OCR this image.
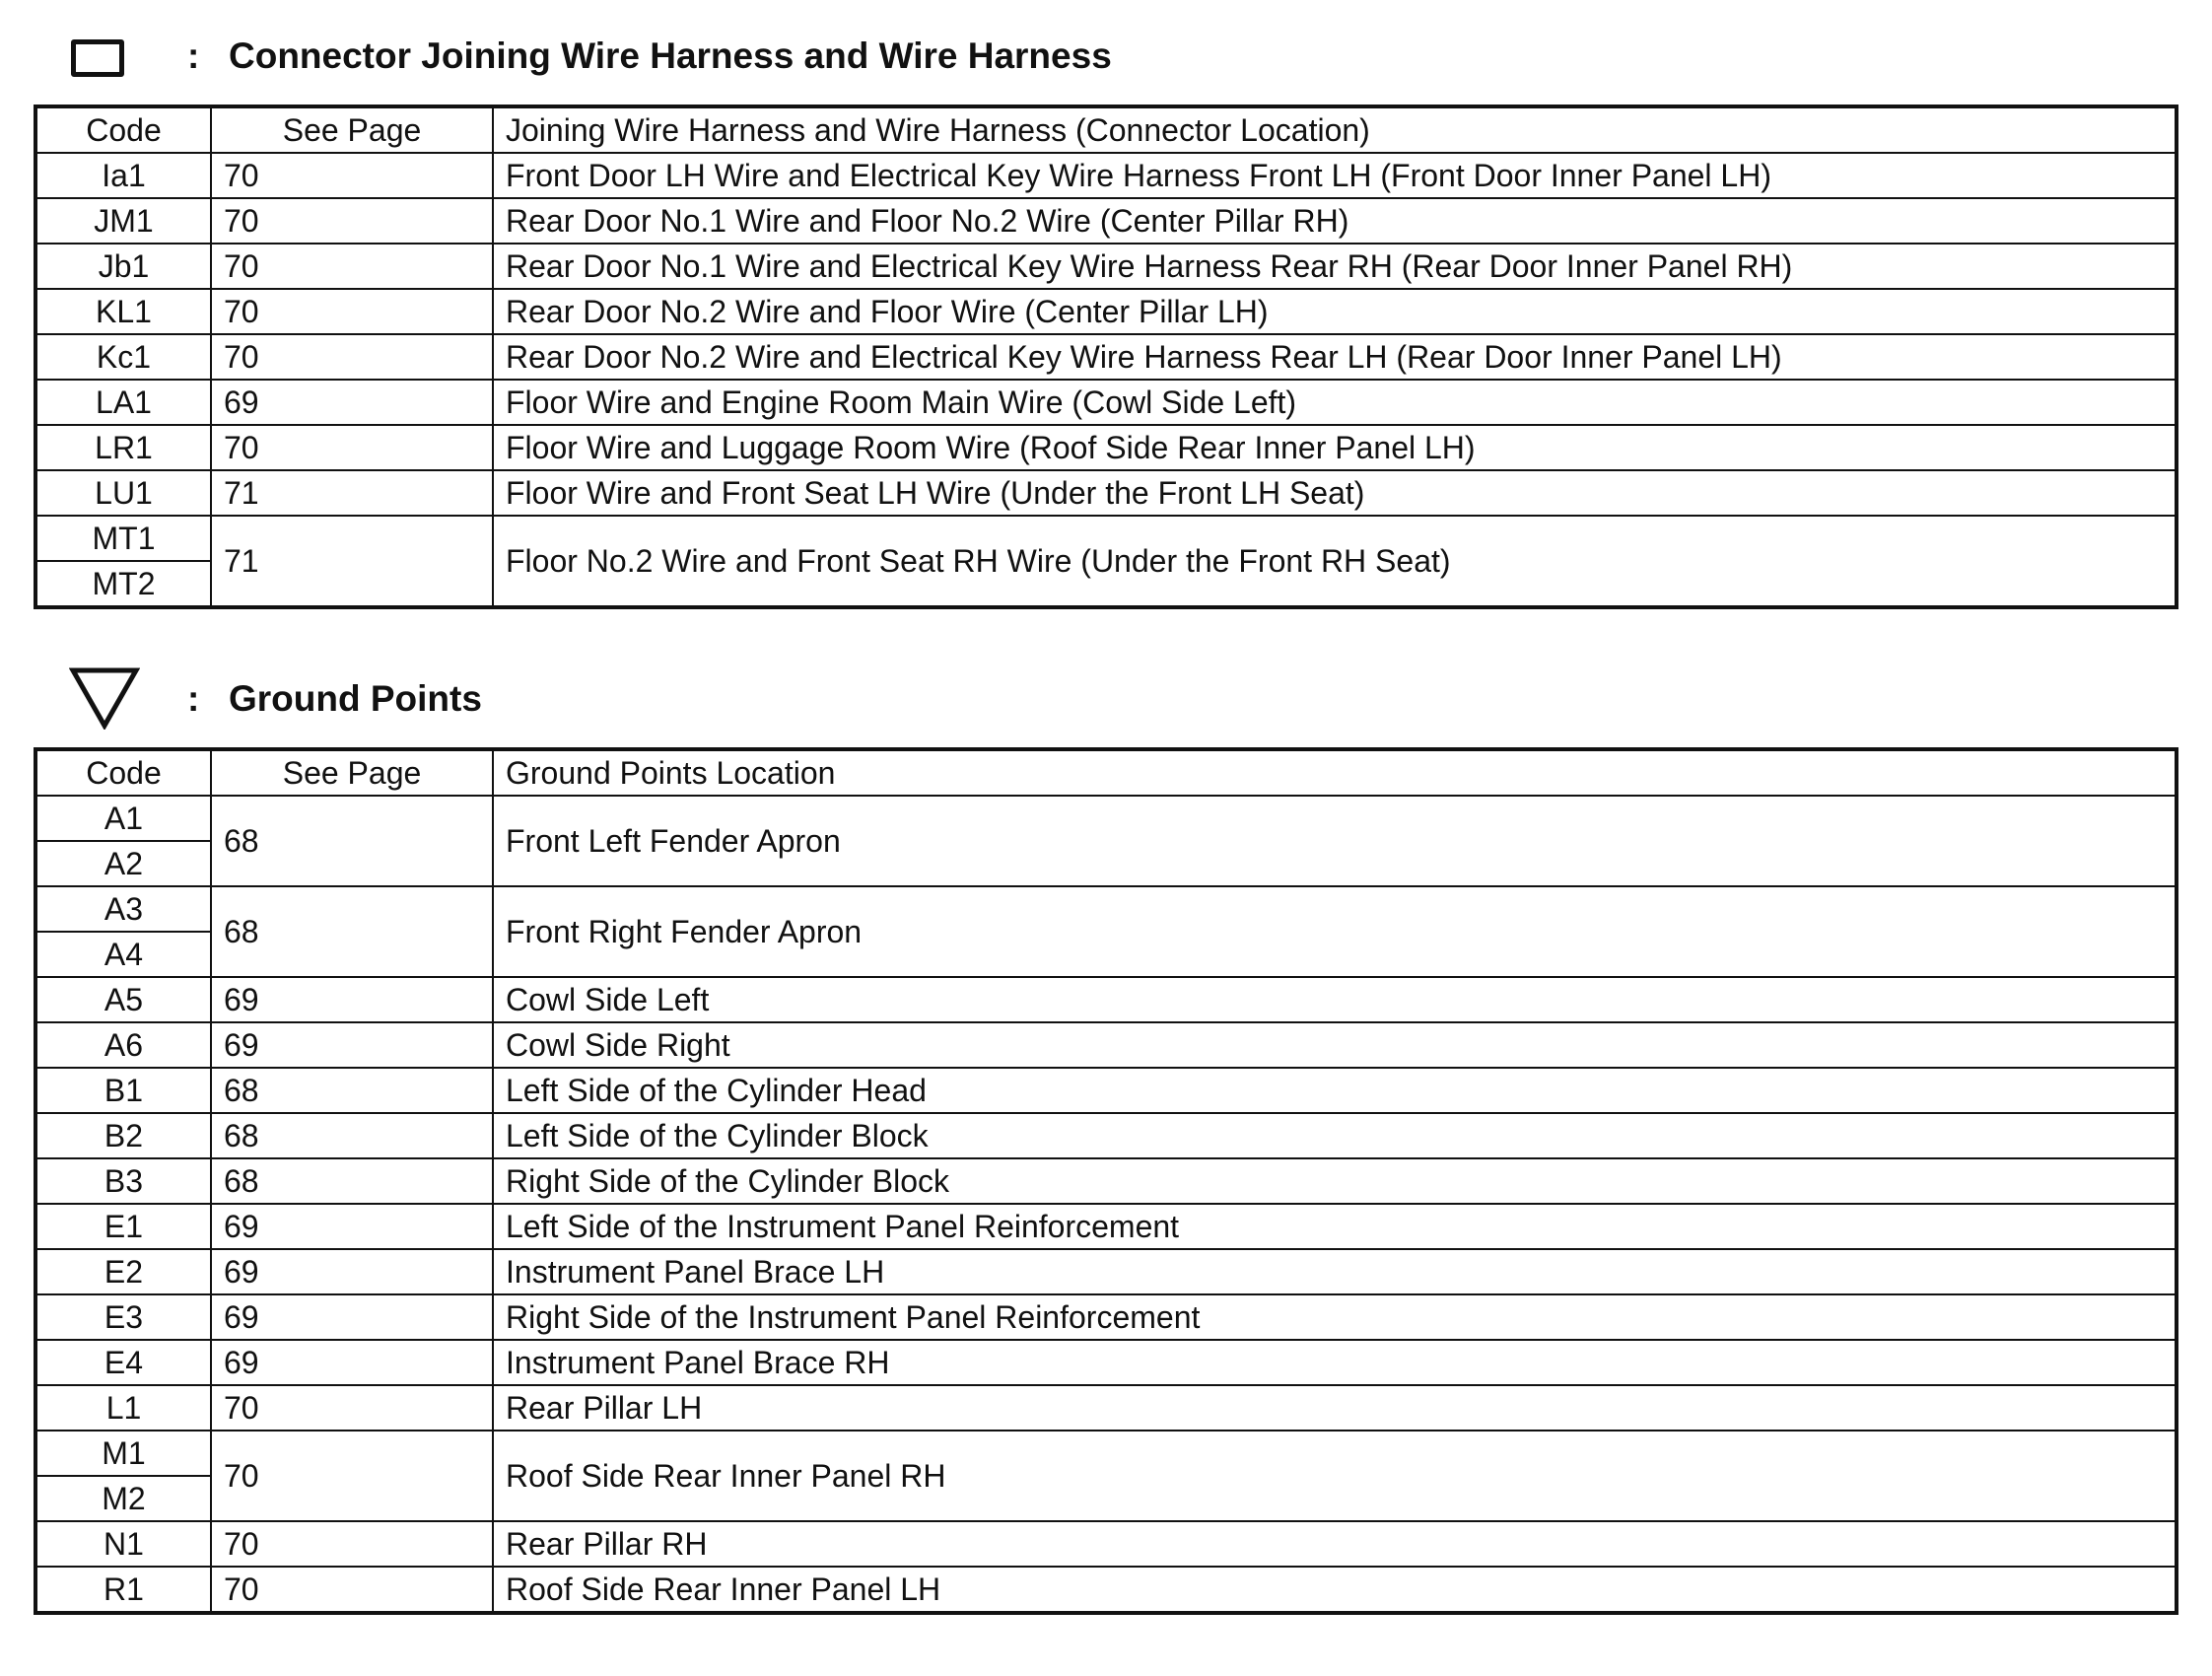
: Connector Joining Wire Harness and Wire Harness
Code	See Page	Joining Wire Harness and Wire Harness (Connector Location)
Ia1	70	Front Door LH Wire and Electrical Key Wire Harness Front LH (Front Door Inner Panel LH)
JM1	70	Rear Door No.1 Wire and Floor No.2 Wire (Center Pillar RH)
Jb1	70	Rear Door No.1 Wire and Electrical Key Wire Harness Rear RH (Rear Door Inner Panel RH)
KL1	70	Rear Door No.2 Wire and Floor Wire (Center Pillar LH)
Kc1	70	Rear Door No.2 Wire and Electrical Key Wire Harness Rear LH (Rear Door Inner Panel LH)
LA1	69	Floor Wire and Engine Room Main Wire (Cowl Side Left)
LR1	70	Floor Wire and Luggage Room Wire (Roof Side Rear Inner Panel LH)
LU1	71	Floor Wire and Front Seat LH Wire (Under the Front LH Seat)
MT1	71	Floor No.2 Wire and Front Seat RH Wire (Under the Front RH Seat)
MT2		
: Ground Points
Code	See Page	Ground Points Location
A1	68	Front Left Fender Apron
A2		
A3	68	Front Right Fender Apron
A4		
A5	69	Cowl Side Left
A6	69	Cowl Side Right
B1	68	Left Side of the Cylinder Head
B2	68	Left Side of the Cylinder Block
B3	68	Right Side of the Cylinder Block
E1	69	Left Side of the Instrument Panel Reinforcement
E2	69	Instrument Panel Brace LH
E3	69	Right Side of the Instrument Panel Reinforcement
E4	69	Instrument Panel Brace RH
L1	70	Rear Pillar LH
M1	70	Roof Side Rear Inner Panel RH
M2		
N1	70	Rear Pillar RH
R1	70	Roof Side Rear Inner Panel LH
